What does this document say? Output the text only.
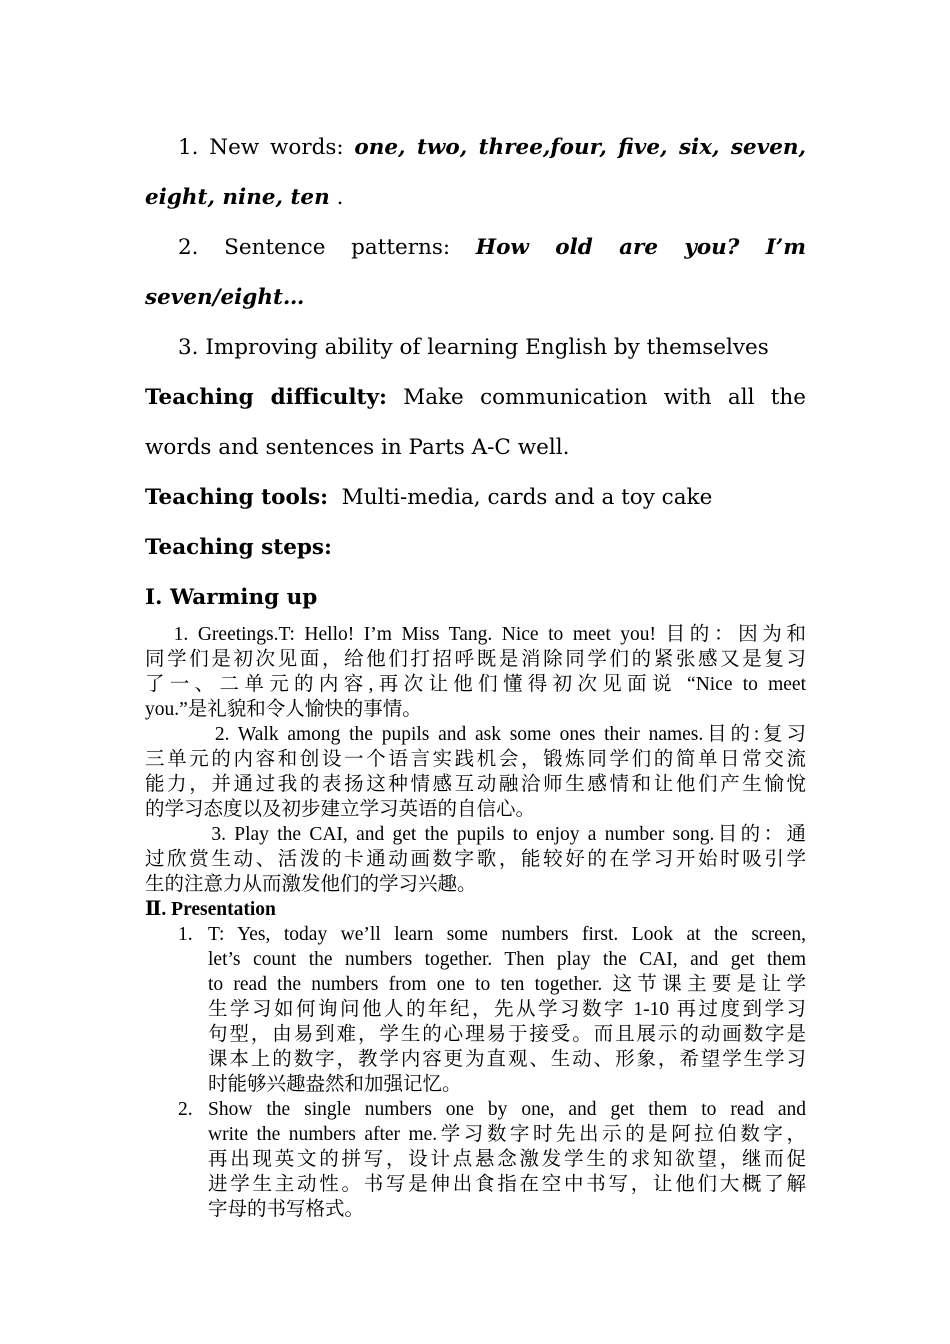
1. New words: one, two, three,four, five, six, seven,
eight, nine, ten .
2. Sentence patterns: How old are you? I’m
seven/eight…
3. Improving ability of learning English by themselves
Teaching difficulty: Make communication with all the
words and sentences in Parts A-C well.
Teaching tools:  Multi-media, cards and a toy cake
Teaching steps:
Ⅰ. Warming up
1. Greetings.T: Hello! I’m Miss Tang. Nice to meet you! 目的：因为和
同学们是初次见面，给他们打招呼既是消除同学们的紧张感又是复习
了一、二单元的内容,再次让他们懂得初次见面说 “Nice to meet
you.”是礼貌和令人愉快的事情。
2. Walk among the pupils and ask some ones their names.目的:复习
三单元的内容和创设一个语言实践机会，锻炼同学们的简单日常交流
能力，并通过我的表扬这种情感互动融洽师生感情和让他们产生愉悅
的学习态度以及初步建立学习英语的自信心。
3. Play the CAI, and get the pupils to enjoy a number song.目的：通
过欣赏生动、活泼的卡通动画数字歌，能较好的在学习开始时吸引学
生的注意力从而激发他们的学习兴趣。
Ⅱ. Presentation
1. T: Yes, today we’ll learn some numbers first. Look at the screen,
let’s count the numbers together. Then play the CAI, and get them
to read the numbers from one to ten together. 这节课主要是让学
生学习如何询问他人的年纪，先从学习数字 1-10 再过度到学习
句型，由易到难，学生的心理易于接受。而且展示的动画数字是
课本上的数字，教学内容更为直观、生动、形象，希望学生学习
时能够兴趣盎然和加强记忆。
2. Show the single numbers one by one, and get them to read and
write the numbers after me.学习数字时先出示的是阿拉伯数字，
再出现英文的拼写，设计点悬念激发学生的求知欲望，继而促
进学生主动性。书写是伸出食指在空中书写，让他们大概了解
字母的书写格式。
